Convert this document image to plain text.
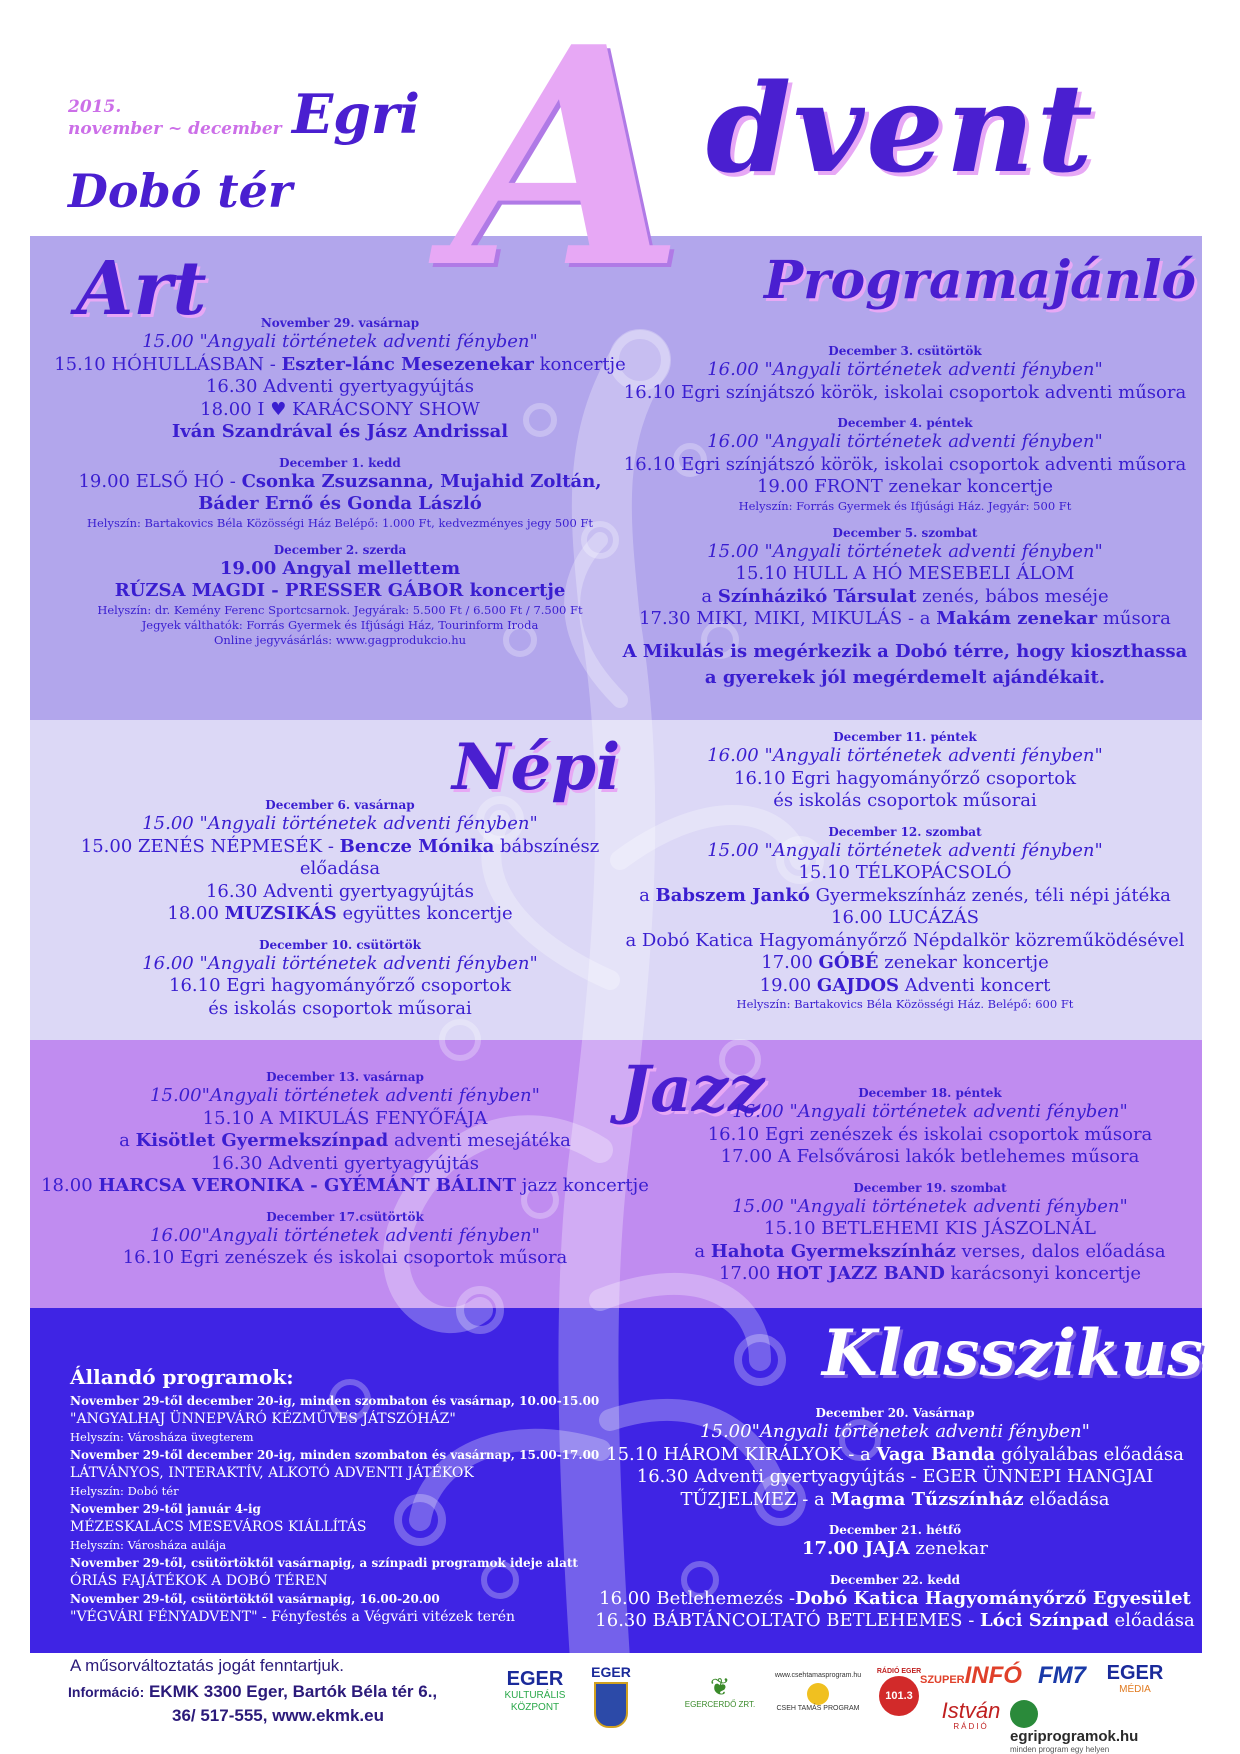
A dvent
2015.
november ~ december Egri
Dobó tér
Art	Programajánló
Népi
Jazz
Klasszikus
November 29. vasárnap
15.00 "Angyali történetek adventi fényben"
15.10 HÓHULLÁSBAN - Eszter-lánc Mesezenekar koncertje
16.30 Adventi gyertyagyújtás
18.00 I ♥ KARÁCSONY SHOW
Iván Szandrával és Jász Andrissal
December 1. kedd
19.00 ELSŐ HÓ - Csonka Zsuzsanna, Mujahid Zoltán,
Báder Ernő és Gonda László
Helyszín: Bartakovics Béla Közösségi Ház Belépő: 1.000 Ft, kedvezményes jegy 500 Ft
December 2. szerda
19.00 Angyal mellettem
RÚZSA MAGDI - PRESSER GÁBOR koncertje
Helyszín: dr. Kemény Ferenc Sportcsarnok. Jegyárak: 5.500 Ft / 6.500 Ft / 7.500 Ft
Jegyek válthatók: Forrás Gyermek és Ifjúsági Ház, Tourinform Iroda
Online jegyvásárlás: www.gagprodukcio.hu
December 3. csütörtök
16.00 "Angyali történetek adventi fényben"
16.10 Egri színjátszó körök, iskolai csoportok adventi műsora
December 4. péntek
16.00 "Angyali történetek adventi fényben"
16.10 Egri színjátszó körök, iskolai csoportok adventi műsora
19.00 FRONT zenekar koncertje
Helyszín: Forrás Gyermek és Ifjúsági Ház. Jegyár: 500 Ft
December 5. szombat
15.00 "Angyali történetek adventi fényben"
15.10 HULL A HÓ MESEBELI ÁLOM
a Színházikó Társulat zenés, bábos meséje
17.30 MIKI, MIKI, MIKULÁS - a Makám zenekar műsora
A Mikulás is megérkezik a Dobó térre, hogy kioszthassa
a gyerekek jól megérdemelt ajándékait.
December 6. vasárnap
15.00 "Angyali történetek adventi fényben"
15.00 ZENÉS NÉPMESÉK - Bencze Mónika bábszínész előadása
16.30 Adventi gyertyagyújtás
18.00 MUZSIKÁS együttes koncertje
December 10. csütörtök
16.00 "Angyali történetek adventi fényben"
16.10 Egri hagyományőrző csoportok
és iskolás csoportok műsorai
December 11. péntek
16.00 "Angyali történetek adventi fényben"
16.10 Egri hagyományőrző csoportok
és iskolás csoportok műsorai
December 12. szombat
15.00 "Angyali történetek adventi fényben"
15.10 TÉLKOPÁCSOLÓ
a Babszem Jankó Gyermekszínház zenés, téli népi játéka
16.00 LUCÁZÁS
a Dobó Katica Hagyományőrző Népdalkör közreműködésével
17.00 GÓBÉ zenekar koncertje
19.00 GAJDOS Adventi koncert
Helyszín: Bartakovics Béla Közösségi Ház. Belépő: 600 Ft
December 13. vasárnap
15.00"Angyali történetek adventi fényben"
15.10 A MIKULÁS FENYŐFÁJA
a Kisötlet Gyermekszínpad adventi mesejátéka
16.30 Adventi gyertyagyújtás
18.00 HARCSA VERONIKA - GYÉMÁNT BÁLINT jazz koncertje
December 17.csütörtök
16.00"Angyali történetek adventi fényben"
16.10 Egri zenészek és iskolai csoportok műsora
December 18. péntek
16.00 "Angyali történetek adventi fényben"
16.10 Egri zenészek és iskolai csoportok műsora
17.00 A Felsővárosi lakók betlehemes műsora
December 19. szombat
15.00 "Angyali történetek adventi fényben"
15.10 BETLEHEMI KIS JÁSZOLNÁL
a Hahota Gyermekszínház verses, dalos előadása
17.00 HOT JAZZ BAND karácsonyi koncertje
Állandó programok:
November 29-től december 20-ig, minden szombaton és vasárnap, 10.00-15.00
"ANGYALHAJ ÜNNEPVÁRÓ KÉZMŰVES JÁTSZÓHÁZ"
Helyszín: Városháza üvegterem
November 29-től december 20-ig, minden szombaton és vasárnap, 15.00-17.00
LÁTVÁNYOS, INTERAKTÍV, ALKOTÓ ADVENTI JÁTÉKOK
Helyszín: Dobó tér
November 29-től január 4-ig
MÉZESKALÁCS MESEVÁROS KIÁLLÍTÁS
Helyszín: Városháza aulája
November 29-től, csütörtöktől vasárnapig, a színpadi programok ideje alatt
ÓRIÁS FAJÁTÉKOK A DOBÓ TÉREN
November 29-től, csütörtöktől vasárnapig, 16.00-20.00
"VÉGVÁRI FÉNYADVENT" - Fényfestés a Végvári vitézek terén
December 20. Vasárnap
15.00"Angyali történetek adventi fényben"
15.10 HÁROM KIRÁLYOK - a Vaga Banda gólyalábas előadása
16.30 Adventi gyertyagyújtás - EGER ÜNNEPI HANGJAI
TŰZJELMEZ - a Magma Tűzszínház előadása
December 21. hétfő
17.00 JAJA zenekar
December 22. kedd
16.00 Betlehemezés -Dobó Katica Hagyományőrző Egyesület
16.30 BÁBTÁNCOLTATÓ BETLEHEMES - Lóci Színpad előadása
A műsorváltoztatás jogát fenntartjuk.
Információ: EKMK 3300 Eger, Bartók Béla tér 6.,
36/ 517-555, www.ekmk.eu
EGER
KULTURÁLIS KÖZPONT
EGER
❦
EGERCERDŐ ZRT.
www.csehtamasprogram.hu
CSEH TAMÁS PROGRAM
RÁDIÓ EGER
101.3
SZUPERINFÓ
István
RÁDIÓ
FM7	EGER
MÉDIA

egriprogramok.hu
minden program egy helyen
